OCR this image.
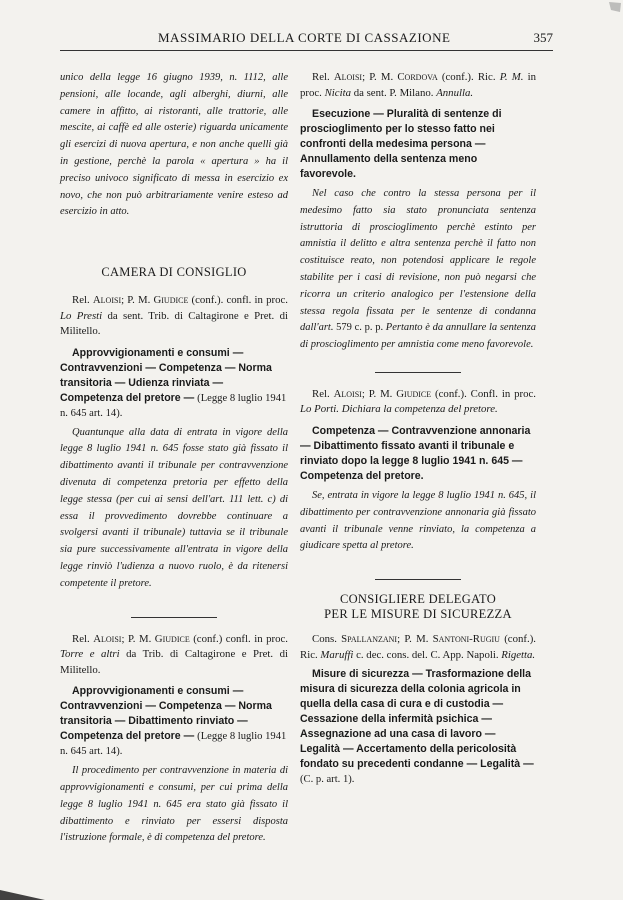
MASSIMARIO DELLA CORTE DI CASSAZIONE	357

unico della legge 16 giugno 1939, n. 1112, alle pensioni, alle locande, agli alberghi, diurni, alle camere in affitto, ai ristoranti, alle trattorie, alle mescite, ai caffè ed alle osterie) riguarda unicamente gli esercizi di nuova apertura, e non anche quelli già in gestione, perchè la parola « apertura » ha il preciso univoco significato di messa in esercizio ex novo, che non può arbitrariamente venire esteso ad esercizio in atto.

CAMERA DI CONSIGLIO

Rel. Aloisi; P. M. Giudice (conf.). confl. in proc. Lo Presti da sent. Trib. di Caltagirone e Pret. di Militello.

Approvvigionamenti e consumi — Contravvenzioni — Competenza — Norma transitoria — Udienza rinviata — Competenza del pretore — (Legge 8 luglio 1941 n. 645 art. 14).

Quantunque alla data di entrata in vigore della legge 8 luglio 1941 n. 645 fosse stato già fissato il dibattimento avanti il tribunale per contravvenzione divenuta di competenza pretoria per effetto della legge stessa (per cui ai sensi dell'art. 111 lett. c) di essa il provvedimento dovrebbe continuare a svolgersi avanti il tribunale) tuttavia se il tribunale sia pure successivamente all'entrata in vigore della legge rinviò l'udienza a nuovo ruolo, è da ritenersi competente il pretore.

Rel. Aloisi; P. M. Giudice (conf.) confl. in proc. Torre e altri da Trib. di Caltagirone e Pret. di Militello.

Approvvigionamenti e consumi — Contravvenzioni — Competenza — Norma transitoria — Dibattimento rinviato — Competenza del pretore — (Legge 8 luglio 1941 n. 645 art. 14).

Il procedimento per contravvenzione in materia di approvvigionamenti e consumi, per cui prima della legge 8 luglio 1941 n. 645 era stato già fissato il dibattimento e rinviato per essersi disposta l'istruzione formale, è di competenza del pretore.

Rel. Aloisi; P. M. Cordova (conf.). Ric. P. M. in proc. Nicita da sent. P. Milano. Annulla.

Esecuzione — Pluralità di sentenze di proscioglimento per lo stesso fatto nei confronti della medesima persona — Annullamento della sentenza meno favorevole.

Nel caso che contro la stessa persona per il medesimo fatto sia stato pronunciata sentenza istruttoria di proscioglimento perchè estinto per amnistia il delitto e altra sentenza perchè il fatto non costituisce reato, non potendosi applicare le regole stabilite per i casi di revisione, non può negarsi che ricorra un criterio analogico per l'estensione della stessa regola fissata per le sentenze di condanna dall'art. 579 c. p. p. Pertanto è da annullare la sentenza di proscioglimento per amnistia come meno favorevole.

Rel. Aloisi; P. M. Giudice (conf.). Confl. in proc. Lo Porti. Dichiara la competenza del pretore.

Competenza — Contravvenzione annonaria — Dibattimento fissato avanti il tribunale e rinviato dopo la legge 8 luglio 1941 n. 645 — Competenza del pretore.

Se, entrata in vigore la legge 8 luglio 1941 n. 645, il dibattimento per contravvenzione annonaria già fissato avanti il tribunale venne rinviato, la competenza a giudicare spetta al pretore.

CONSIGLIERE DELEGATO

PER LE MISURE DI SICUREZZA

Cons. Spallanzani; P. M. Santoni-Rugiu (conf.). Ric. Maruffi c. dec. cons. del. C. App. Napoli. Rigetta.

Misure di sicurezza — Trasformazione della misura di sicurezza della colonia agricola in quella della casa di cura e di custodia — Cessazione della infermità psichica — Assegnazione ad una casa di lavoro — Legalità — Accertamento della pericolosità fondato su precedenti condanne — Legalità — (C. p. art. 1).
